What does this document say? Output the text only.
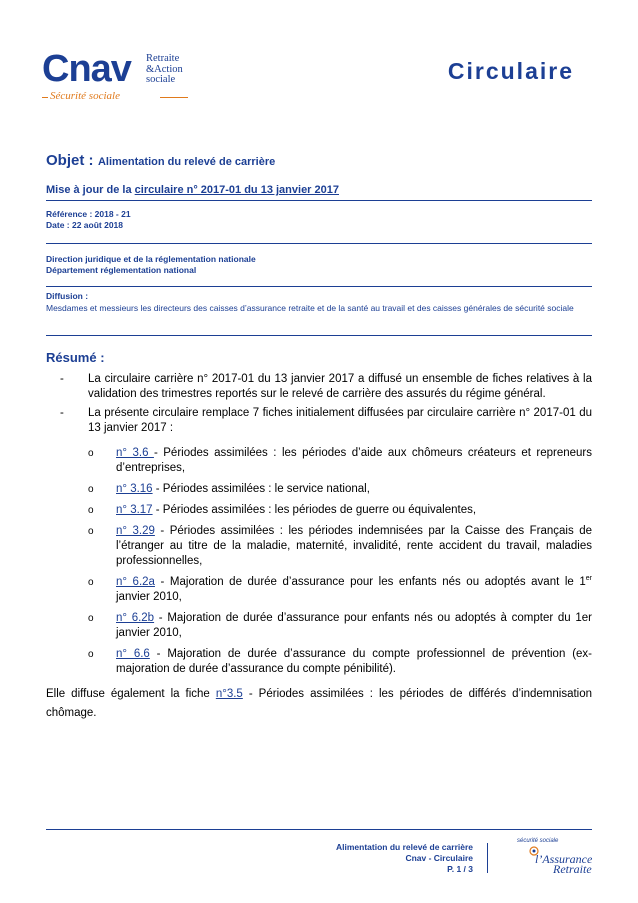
Cnav Retraite
&Action
sociale
Sécurité sociale
Circulaire
Objet : Alimentation du relevé de carrière
Mise à jour de la circulaire n° 2017-01 du 13 janvier 2017
Référence : 2018 - 21
Date : 22 août 2018
Direction juridique et de la réglementation nationale
Département réglementation national
Diffusion :
Mesdames et messieurs les directeurs des caisses d’assurance retraite et de la santé au travail et des caisses générales de sécurité sociale
Résumé :
- La circulaire carrière n° 2017-01 du 13 janvier 2017 a diffusé un ensemble de fiches relatives à la validation des trimestres reportés sur le relevé de carrière des assurés du régime général.
- La présente circulaire remplace 7 fiches initialement diffusées par circulaire carrière n° 2017-01 du 13 janvier 2017 :
o n° 3.6 - Périodes assimilées : les périodes d’aide aux chômeurs créateurs et repreneurs d’entreprises,
o n° 3.16 - Périodes assimilées : le service national,
o n° 3.17 - Périodes assimilées : les périodes de guerre ou équivalentes,
o n° 3.29 - Périodes assimilées : les périodes indemnisées par la Caisse des Français de l’étranger au titre de la maladie, maternité, invalidité, rente accident du travail, maladies professionnelles,
o n° 6.2a - Majoration de durée d’assurance pour les enfants nés ou adoptés avant le 1er janvier 2010,
o n° 6.2b - Majoration de durée d’assurance pour enfants nés ou adoptés à compter du 1er janvier 2010,
o n° 6.6 - Majoration de durée d’assurance du compte professionnel de prévention (ex-majoration de durée d’assurance du compte pénibilité).
Elle diffuse également la fiche n°3.5 - Périodes assimilées : les périodes de différés d’indemnisation chômage.
Alimentation du relevé de carrière
Cnav - Circulaire
P. 1 / 3
sécurité sociale
l’Assurance
Retraite
